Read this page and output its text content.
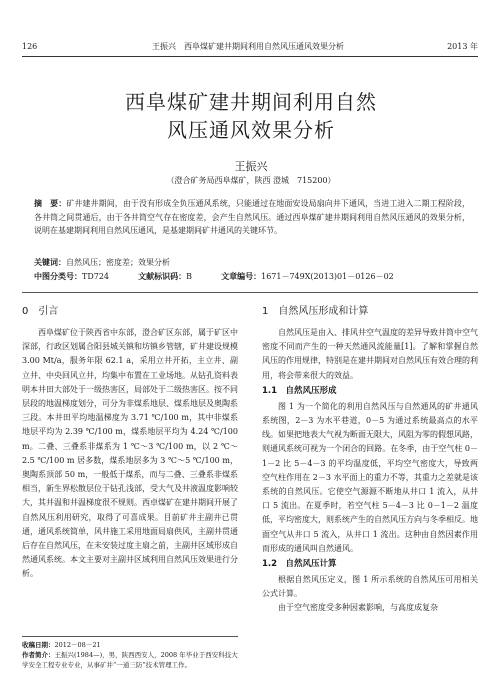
126	王振兴　西阜煤矿建井期间利用自然风压通风效果分析	2013 年
西阜煤矿建井期间利用自然
风压通风效果分析
王振兴
（澄合矿务局西阜煤矿，陕西 澄城　715200）
摘　要：矿井建井期间，由于没有形成全负压通风系统，只能通过在地面安设局扇向井下通风，当进工进入二期工程阶段，各井筒之间贯通后，由于各井筒空气存在密度差，会产生自然风压。通过西阜煤矿建井期间利用自然风压通风的效果分析，说明在基建期间利用自然风压通风，是基建期间矿井通风的关键环节。
关键词：自然风压；密度差；效果分析
中图分类号：TD724	文献标识码：B	文章编号：1671－749X(2013)01－0126－02
0　引言

西阜煤矿位于陕西省中东部，澄合矿区东部，属于矿区中深部，行政区划属合阳县城关镇和坊镇乡管辖，矿井建设规模 3.00 Mt/a，服务年限 62.1 a，采用立井开拓，主立井、副立井、中央回风立井，均集中布置在工业场地。从钻孔资料表明本井田大部处于一级热害区，局部处于二级热害区。按不同层段的地温梯度划分，可分为非煤系地层、煤系地层及奥陶系三段。本井田平均地温梯度为 3.71 ℃/100 m，其中非煤系地层平均为 2.39 ℃/100 m，煤系地层平均为 4.24 ℃/100 m。二叠、三叠系非煤系为 1 ℃～3 ℃/100 m，以 2 ℃～2.5 ℃/100 m 居多数，煤系地层多为 3 ℃～5 ℃/100 m，奥陶系顶部 50 m，一般低于煤系，而与二叠、三叠系非煤系相当，新生界松散层位于钻孔浅部，受大气及井液温度影响较大，其井温和井温梯度很不规则。西卓煤矿在建井期间开展了自然风压利用研究，取得了可喜成果。目前矿井主副井已贯通，通风系统简单，风井施工采用地面局扇供风，主副井贯通后存在自然风压，在未安装过度主扇之前，主副井区域形成自然通风系统。本文主要对主副井区域利用自然风压效果进行分析。

收稿日期：2012－08－21
作者简介：王振兴(1984—)，男，陕西西安人，2008 年毕业于西安科技大学安全工程专业专业，从事矿井“一通三防”技术管理工作。
1　自然风压形成和计算

自然风压是由入、排风井空气温度的差异导致井筒中空气密度不同而产生的一种天然通风流能量[1]。了解和掌握自然风压的作用规律，特别是在建井期间对自然风压有效合理的利用，将会带来很大的效益。

1.1　自然风压形成

图 1 为一个简化的利用自然风压与自然通风的矿井通风系统图，2－3 为水平巷道，0－5 为通过系统最高点的水平线。如果把地表大气视为断面无限大，风阻为零的假想风路，则通风系统可视为一个闭合的回路。在冬季，由于空气柱 0－1－2 比 5－4－3 的平均温度低，平均空气密度大，导致两空气柱作用在 2－3 水平面上的重力不等，其重力之差就是该系统的自然风压。它使空气源源不断地从井口 1 流入，从井口 5 流出。在夏季时，若空气柱 5－4－3 比 0－1－2 温度低，平均密度大，则系统产生的自然风压方向与冬季相反。地面空气从井口 5 流入，从井口 1 流出。这种由自然因素作用而形成的通风叫自然通风。

1.2　自然风压计算

根据自然风压定义，图 1 所示系统的自然风压可用相关公式计算。

由于空气密度受多种因素影响，与高度成复杂
